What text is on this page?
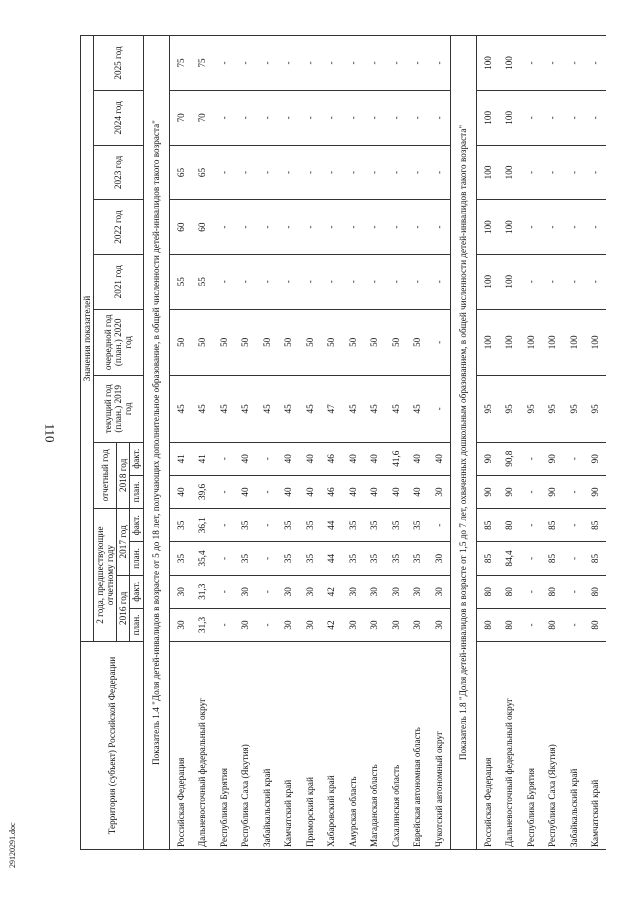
110
29120291.doc
Территория (субъект) Российской Федерации	Значения показателей												
	2 года, предшествующие отчетному году				отчетный год		текущий год (план.) 2019 год	очередной год (план.) 2020 год	2021 год	2022 год	2023 год	2024 год	2025 год
	2016 год		2017 год		2018 год								
	план.	факт.	план.	факт.	план.	факт.							
Показатель 1.4 "Доля детей-инвалидов в возрасте от 5 до 18 лет, получающих дополнительное образование, в общей численности детей-инвалидов такого возраста"													
Российская Федерация	30	30	35	35	40	41	45	50	55	60	65	70	75
Дальневосточный федеральный округ	31,3	31,3	35,4	36,1	39,6	41	45	50	55	60	65	70	75
Республика Бурятия	-	-	-	-	-	-	45	50	-	-	-	-	-
Республика Саха (Якутия)	30	30	35	35	40	40	45	50	-	-	-	-	-
Забайкальский край	-	-	-	-	-	-	45	50	-	-	-	-	-
Камчатский край	30	30	35	35	40	40	45	50	-	-	-	-	-
Приморский край	30	30	35	35	40	40	45	50	-	-	-	-	-
Хабаровский край	42	42	44	44	46	46	47	50	-	-	-	-	-
Амурская область	30	30	35	35	40	40	45	50	-	-	-	-	-
Магаданская область	30	30	35	35	40	40	45	50	-	-	-	-	-
Сахалинская область	30	30	35	35	40	41,6	45	50	-	-	-	-	-
Еврейская автономная область	30	30	35	35	40	40	45	50	-	-	-	-	-
Чукотский автономный округ	30	30	30	-	30	40	-	-	-	-	-	-	-
Показатель 1.8 "Доля детей-инвалидов в возрасте от 1,5 до 7 лет, охваченных дошкольным образованием, в общей численности детей-инвалидов такого возраста"													
Российская Федерация	80	80	85	85	90	90	95	100	100	100	100	100	100
Дальневосточный федеральный округ	80	80	84,4	80	90	90,8	95	100	100	100	100	100	100
Республика Бурятия	-	-	-	-	-	-	95	100	-	-	-	-	-
Республика Саха (Якутия)	80	80	85	85	90	90	95	100	-	-	-	-	-
Забайкальский край	-	-	-	-	-	-	95	100	-	-	-	-	-
Камчатский край	80	80	85	85	90	90	95	100	-	-	-	-	-
